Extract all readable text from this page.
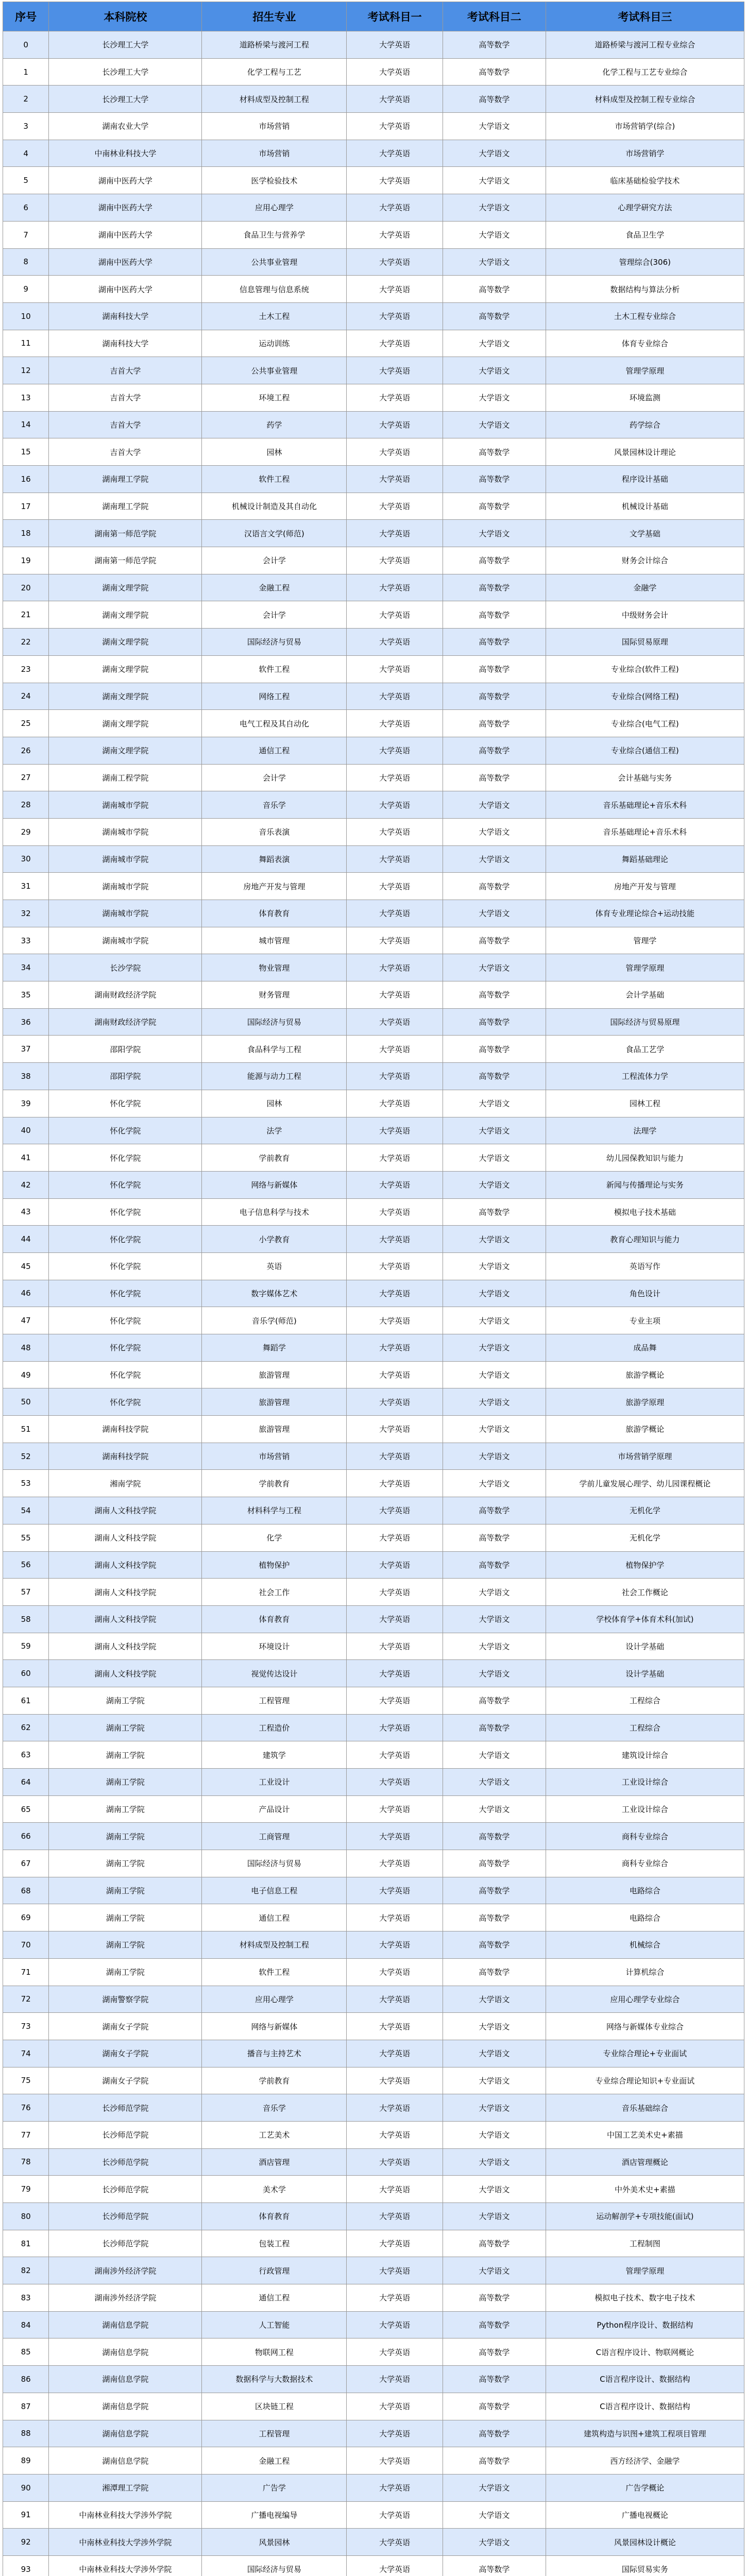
序号	本科院校	招生专业	考试科目一	考试科目二	考试科目三
0	长沙理工大学	道路桥梁与渡河工程	大学英语	高等数学	道路桥梁与渡河工程专业综合
1	长沙理工大学	化学工程与工艺	大学英语	高等数学	化学工程与工艺专业综合
2	长沙理工大学	材料成型及控制工程	大学英语	高等数学	材料成型及控制工程专业综合
3	湖南农业大学	市场营销	大学英语	大学语文	市场营销学(综合)
4	中南林业科技大学	市场营销	大学英语	大学语文	市场营销学
5	湖南中医药大学	医学检验技术	大学英语	大学语文	临床基础检验学技术
6	湖南中医药大学	应用心理学	大学英语	大学语文	心理学研究方法
7	湖南中医药大学	食品卫生与营养学	大学英语	大学语文	食品卫生学
8	湖南中医药大学	公共事业管理	大学英语	大学语文	管理综合(306)
9	湖南中医药大学	信息管理与信息系统	大学英语	高等数学	数据结构与算法分析
10	湖南科技大学	土木工程	大学英语	高等数学	土木工程专业综合
11	湖南科技大学	运动训练	大学英语	大学语文	体育专业综合
12	吉首大学	公共事业管理	大学英语	大学语文	管理学原理
13	吉首大学	环境工程	大学英语	大学语文	环境监测
14	吉首大学	药学	大学英语	大学语文	药学综合
15	吉首大学	园林	大学英语	高等数学	风景园林设计理论
16	湖南理工学院	软件工程	大学英语	高等数学	程序设计基础
17	湖南理工学院	机械设计制造及其自动化	大学英语	高等数学	机械设计基础
18	湖南第一师范学院	汉语言文学(师范)	大学英语	大学语文	文学基础
19	湖南第一师范学院	会计学	大学英语	高等数学	财务会计综合
20	湖南文理学院	金融工程	大学英语	高等数学	金融学
21	湖南文理学院	会计学	大学英语	高等数学	中级财务会计
22	湖南文理学院	国际经济与贸易	大学英语	高等数学	国际贸易原理
23	湖南文理学院	软件工程	大学英语	高等数学	专业综合(软件工程)
24	湖南文理学院	网络工程	大学英语	高等数学	专业综合(网络工程)
25	湖南文理学院	电气工程及其自动化	大学英语	高等数学	专业综合(电气工程)
26	湖南文理学院	通信工程	大学英语	高等数学	专业综合(通信工程)
27	湖南工程学院	会计学	大学英语	高等数学	会计基础与实务
28	湖南城市学院	音乐学	大学英语	大学语文	音乐基础理论+音乐术科
29	湖南城市学院	音乐表演	大学英语	大学语文	音乐基础理论+音乐术科
30	湖南城市学院	舞蹈表演	大学英语	大学语文	舞蹈基础理论
31	湖南城市学院	房地产开发与管理	大学英语	高等数学	房地产开发与管理
32	湖南城市学院	体育教育	大学英语	大学语文	体育专业理论综合+运动技能
33	湖南城市学院	城市管理	大学英语	高等数学	管理学
34	长沙学院	物业管理	大学英语	大学语文	管理学原理
35	湖南财政经济学院	财务管理	大学英语	高等数学	会计学基础
36	湖南财政经济学院	国际经济与贸易	大学英语	高等数学	国际经济与贸易原理
37	邵阳学院	食品科学与工程	大学英语	高等数学	食品工艺学
38	邵阳学院	能源与动力工程	大学英语	高等数学	工程流体力学
39	怀化学院	园林	大学英语	大学语文	园林工程
40	怀化学院	法学	大学英语	大学语文	法理学
41	怀化学院	学前教育	大学英语	大学语文	幼儿园保教知识与能力
42	怀化学院	网络与新媒体	大学英语	大学语文	新闻与传播理论与实务
43	怀化学院	电子信息科学与技术	大学英语	高等数学	模拟电子技术基础
44	怀化学院	小学教育	大学英语	大学语文	教育心理知识与能力
45	怀化学院	英语	大学英语	大学语文	英语写作
46	怀化学院	数字媒体艺术	大学英语	大学语文	角色设计
47	怀化学院	音乐学(师范)	大学英语	大学语文	专业主项
48	怀化学院	舞蹈学	大学英语	大学语文	成品舞
49	怀化学院	旅游管理	大学英语	大学语文	旅游学概论
50	怀化学院	旅游管理	大学英语	大学语文	旅游学原理
51	湖南科技学院	旅游管理	大学英语	大学语文	旅游学概论
52	湖南科技学院	市场营销	大学英语	大学语文	市场营销学原理
53	湘南学院	学前教育	大学英语	大学语文	学前儿童发展心理学、幼儿园课程概论
54	湖南人文科技学院	材料科学与工程	大学英语	高等数学	无机化学
55	湖南人文科技学院	化学	大学英语	高等数学	无机化学
56	湖南人文科技学院	植物保护	大学英语	高等数学	植物保护学
57	湖南人文科技学院	社会工作	大学英语	大学语文	社会工作概论
58	湖南人文科技学院	体育教育	大学英语	大学语文	学校体育学+体育术科(加试)
59	湖南人文科技学院	环境设计	大学英语	大学语文	设计学基础
60	湖南人文科技学院	视觉传达设计	大学英语	大学语文	设计学基础
61	湖南工学院	工程管理	大学英语	高等数学	工程综合
62	湖南工学院	工程造价	大学英语	高等数学	工程综合
63	湖南工学院	建筑学	大学英语	大学语文	建筑设计综合
64	湖南工学院	工业设计	大学英语	大学语文	工业设计综合
65	湖南工学院	产品设计	大学英语	大学语文	工业设计综合
66	湖南工学院	工商管理	大学英语	高等数学	商科专业综合
67	湖南工学院	国际经济与贸易	大学英语	高等数学	商科专业综合
68	湖南工学院	电子信息工程	大学英语	高等数学	电路综合
69	湖南工学院	通信工程	大学英语	高等数学	电路综合
70	湖南工学院	材料成型及控制工程	大学英语	高等数学	机械综合
71	湖南工学院	软件工程	大学英语	高等数学	计算机综合
72	湖南警察学院	应用心理学	大学英语	大学语文	应用心理学专业综合
73	湖南女子学院	网络与新媒体	大学英语	大学语文	网络与新媒体专业综合
74	湖南女子学院	播音与主持艺术	大学英语	大学语文	专业综合理论+专业面试
75	湖南女子学院	学前教育	大学英语	大学语文	专业综合理论知识+专业面试
76	长沙师范学院	音乐学	大学英语	大学语文	音乐基础综合
77	长沙师范学院	工艺美术	大学英语	大学语文	中国工艺美术史+素描
78	长沙师范学院	酒店管理	大学英语	大学语文	酒店管理概论
79	长沙师范学院	美术学	大学英语	大学语文	中外美术史+素描
80	长沙师范学院	体育教育	大学英语	大学语文	运动解剖学+专项技能(面试)
81	长沙师范学院	包装工程	大学英语	高等数学	工程制图
82	湖南涉外经济学院	行政管理	大学英语	大学语文	管理学原理
83	湖南涉外经济学院	通信工程	大学英语	高等数学	模拟电子技术、数字电子技术
84	湖南信息学院	人工智能	大学英语	高等数学	Python程序设计、数据结构
85	湖南信息学院	物联网工程	大学英语	高等数学	C语言程序设计、物联网概论
86	湖南信息学院	数据科学与大数据技术	大学英语	高等数学	C语言程序设计、数据结构
87	湖南信息学院	区块链工程	大学英语	高等数学	C语言程序设计、数据结构
88	湖南信息学院	工程管理	大学英语	高等数学	建筑构造与识图+建筑工程项目管理
89	湖南信息学院	金融工程	大学英语	高等数学	西方经济学、金融学
90	湘潭理工学院	广告学	大学英语	大学语文	广告学概论
91	中南林业科技大学涉外学院	广播电视编导	大学英语	大学语文	广播电视概论
92	中南林业科技大学涉外学院	风景园林	大学英语	大学语文	风景园林设计概论
93	中南林业科技大学涉外学院	国际经济与贸易	大学英语	高等数学	国际贸易实务
